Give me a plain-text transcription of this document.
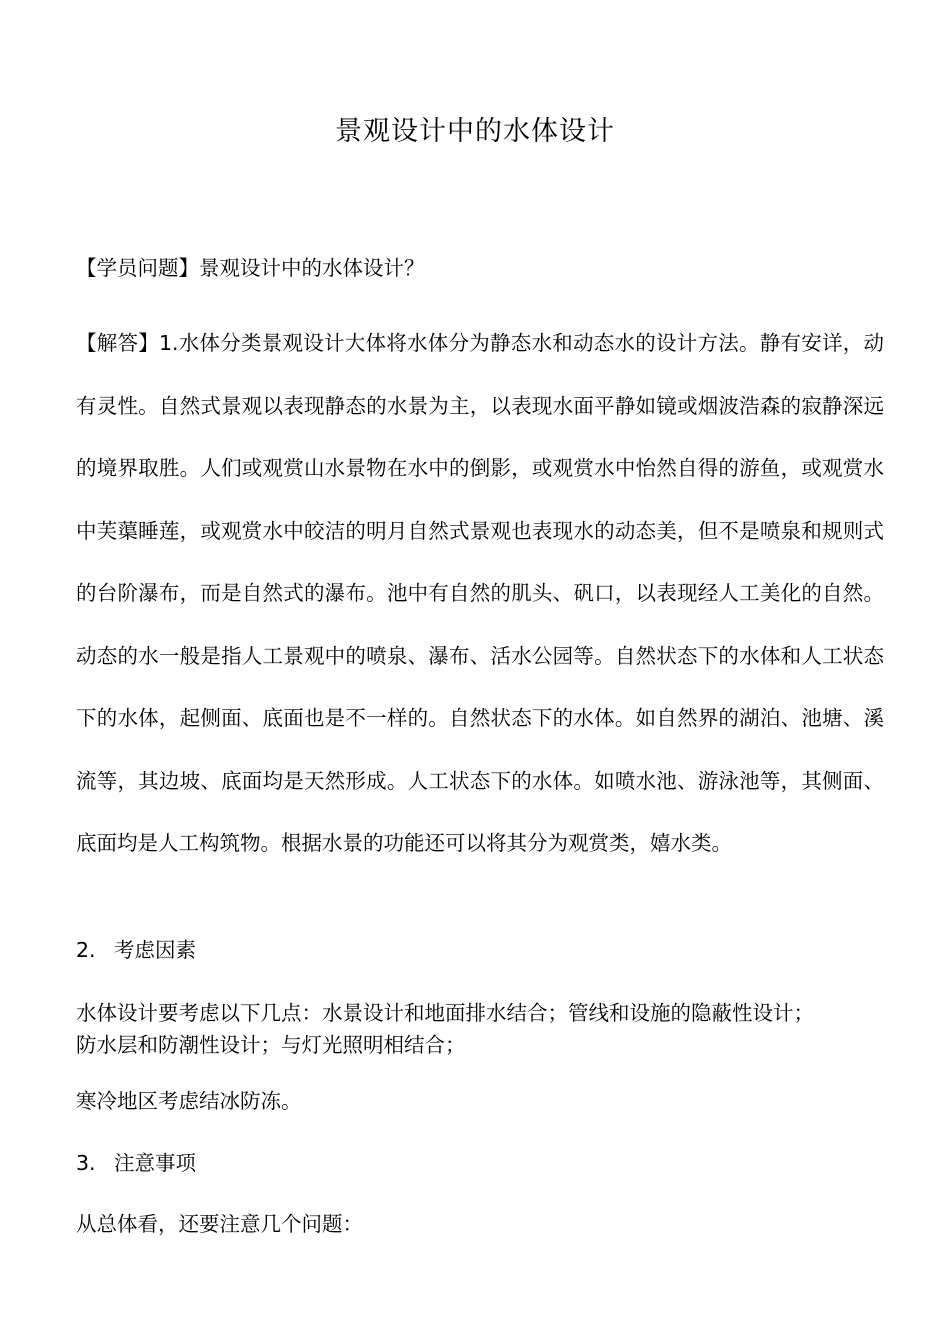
景观设计中的水体设计
【学员问题】景观设计中的水体设计？
【解答】1.水体分类景观设计大体将水体分为静态水和动态水的设计方法。静有安详，动有灵性。自然式景观以表现静态的水景为主，以表现水面平静如镜或烟波浩森的寂静深远的境界取胜。人们或观赏山水景物在水中的倒影，或观赏水中怡然自得的游鱼，或观赏水中芙蕖睡莲，或观赏水中皎洁的明月自然式景观也表现水的动态美，但不是喷泉和规则式的台阶瀑布，而是自然式的瀑布。池中有自然的肌头、矾口，以表现经人工美化的自然。动态的水一般是指人工景观中的喷泉、瀑布、活水公园等。自然状态下的水体和人工状态下的水体，起侧面、底面也是不一样的。自然状态下的水体。如自然界的湖泊、池塘、溪流等，其边坡、底面均是天然形成。人工状态下的水体。如喷水池、游泳池等，其侧面、底面均是人工构筑物。根据水景的功能还可以将其分为观赏类，嬉水类。
2. 考虑因素
水体设计要考虑以下几点：水景设计和地面排水结合；管线和设施的隐蔽性设计；
防水层和防潮性设计；与灯光照明相结合；
寒冷地区考虑结冰防冻。
3. 注意事项
从总体看，还要注意几个问题：
